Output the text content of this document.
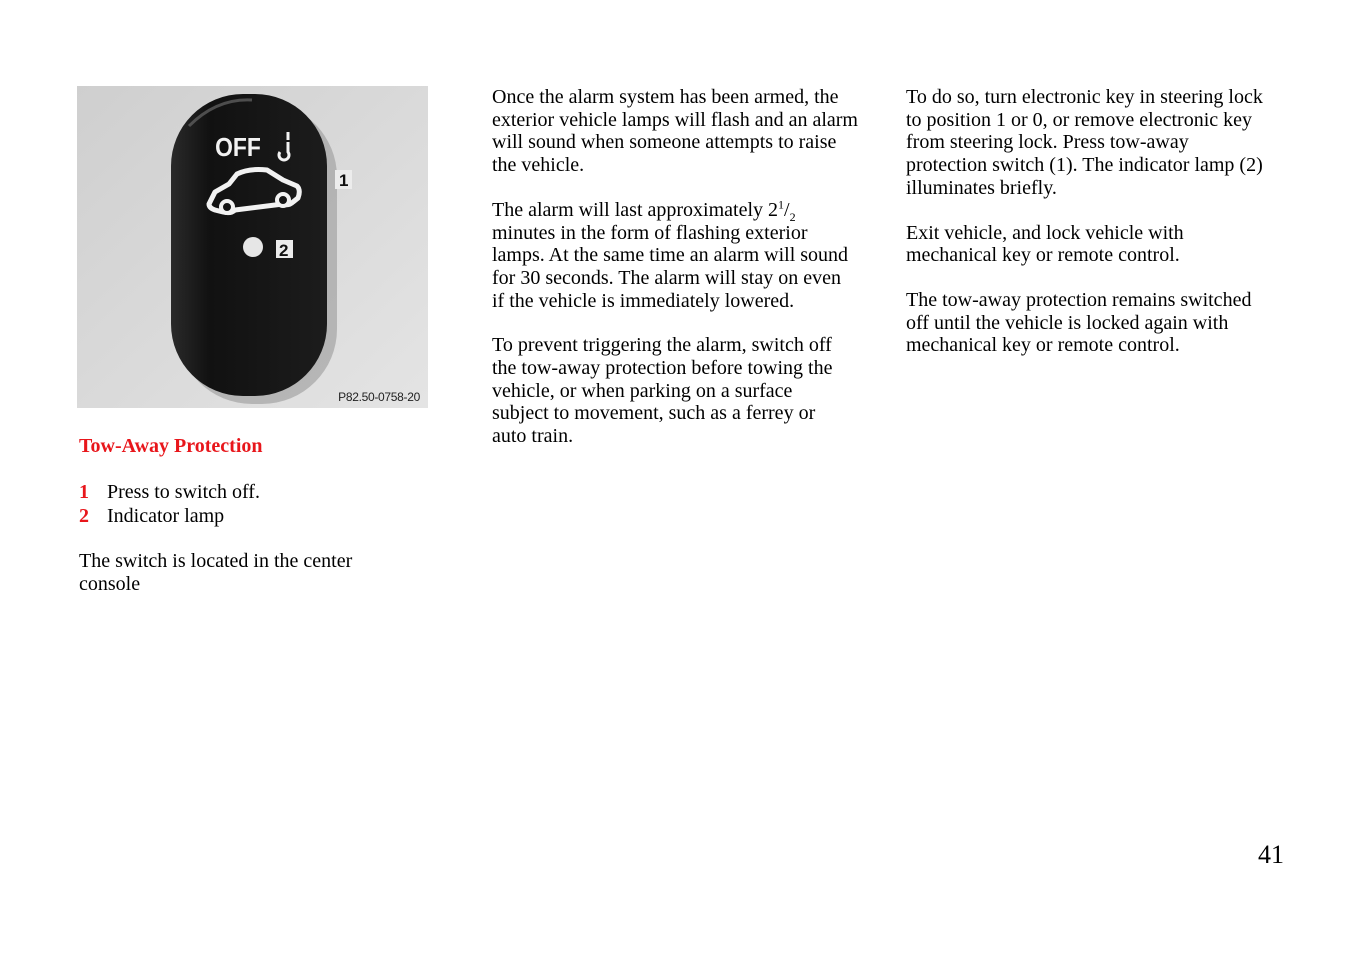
OFF
2
1
P82.50-0758-20
Tow-Away Protection
1 Press to switch off.
2 Indicator lamp

The switch is located in the center console

Once the alarm system has been armed, the exterior vehicle lamps will flash and an alarm will sound when someone attempts to raise the vehicle.

The alarm will last approximately $2^1/_2$ minutes in the form of flashing exterior lamps. At the same time an alarm will sound for 30 seconds. The alarm will stay on even if the vehicle is immediately lowered.

To prevent triggering the alarm, switch off the tow-away protection before towing the vehicle, or when parking on a surface subject to movement, such as a ferrey or auto train.

To do so, turn electronic key in steering lock to position 1 or 0, or remove electronic key from steering lock. Press tow-away protection switch (1). The indicator lamp (2) illuminates briefly.

Exit vehicle, and lock vehicle with mechanical key or remote control.

The tow-away protection remains switched off until the vehicle is locked again with mechanical key or remote control.

41
